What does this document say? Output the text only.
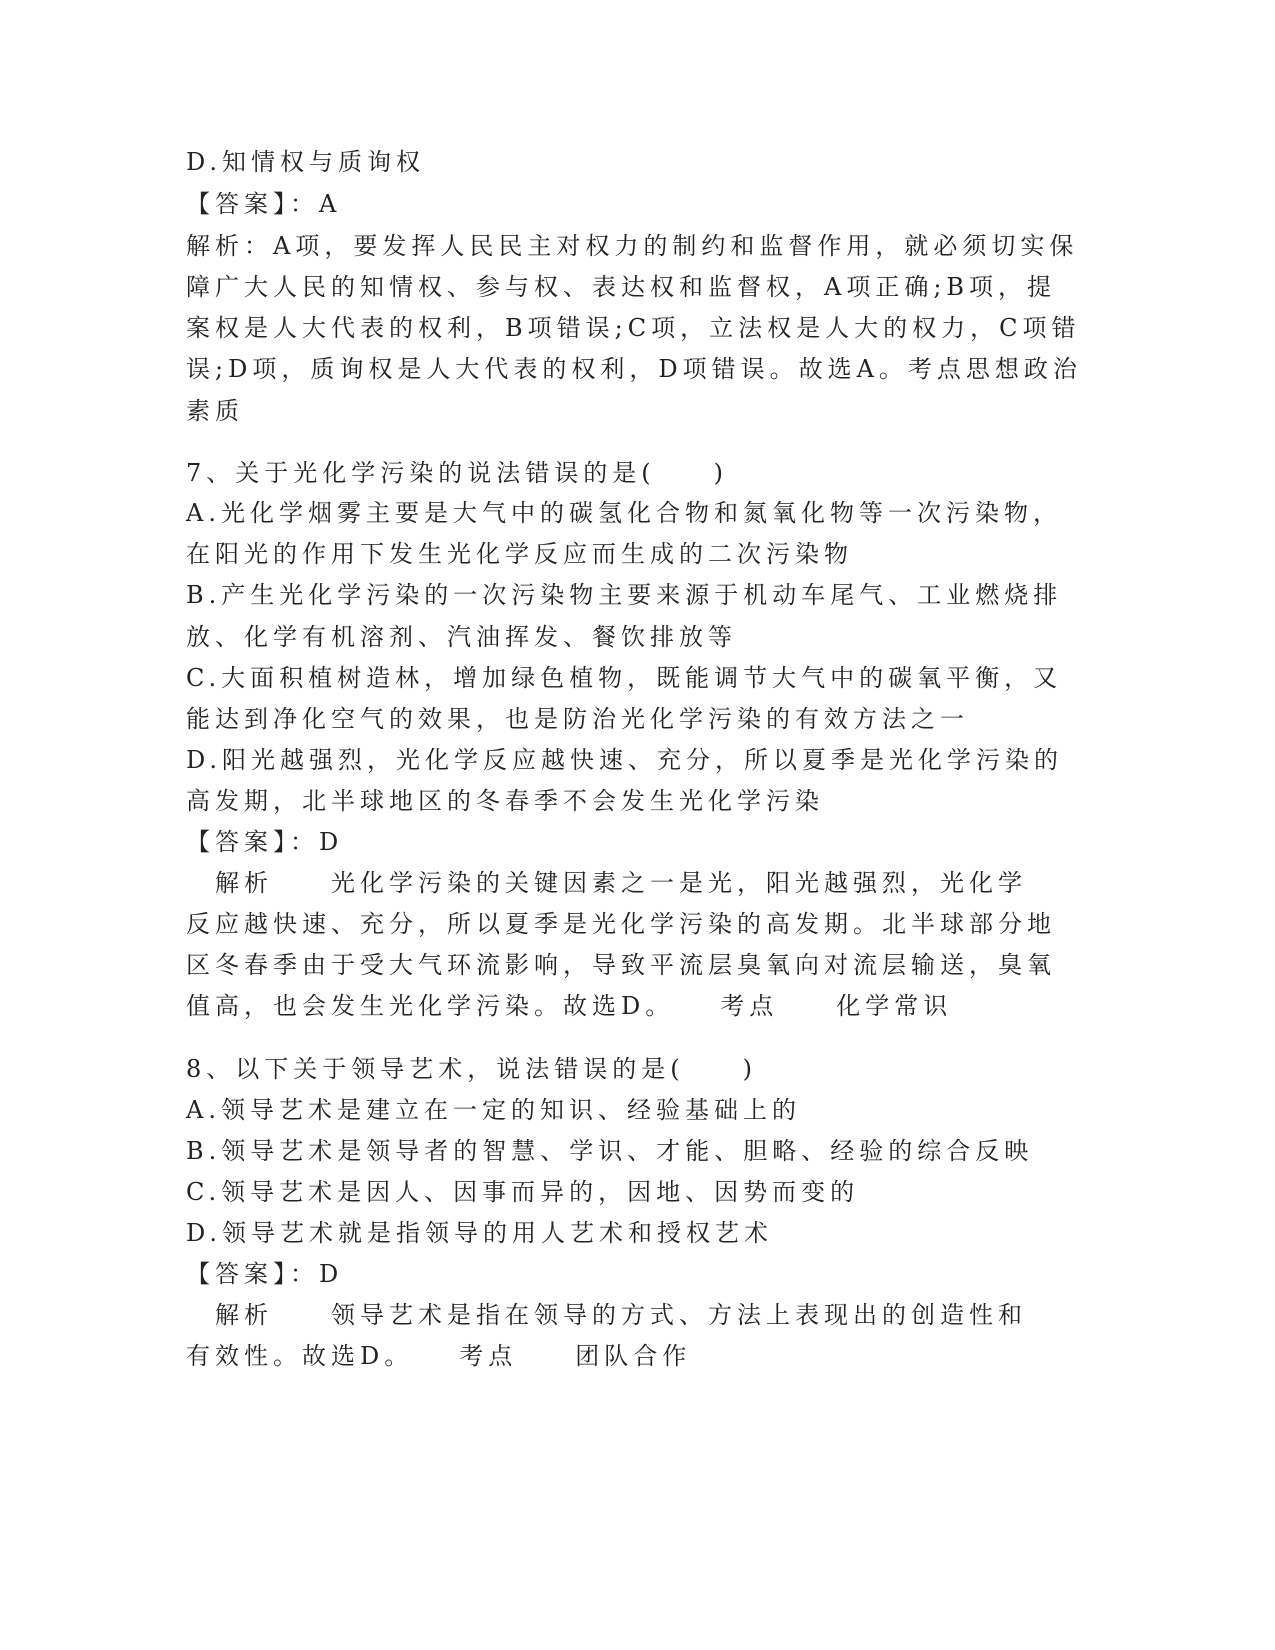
D.知情权与质询权
【答案】：A
解析：A项，要发挥人民民主对权力的制约和监督作用，就必须切实保
障广大人民的知情权、参与权、表达权和监督权，A项正确;B项，提
案权是人大代表的权利，B项错误;C项，立法权是人大的权力，C项错
误;D项，质询权是人大代表的权利，D项错误。故选A。考点思想政治
素质
7、关于光化学污染的说法错误的是(　　)
A.光化学烟雾主要是大气中的碳氢化合物和氮氧化物等一次污染物，
在阳光的作用下发生光化学反应而生成的二次污染物
B.产生光化学污染的一次污染物主要来源于机动车尾气、工业燃烧排
放、化学有机溶剂、汽油挥发、餐饮排放等
C.大面积植树造林，增加绿色植物，既能调节大气中的碳氧平衡，又
能达到净化空气的效果，也是防治光化学污染的有效方法之一
D.阳光越强烈，光化学反应越快速、充分，所以夏季是光化学污染的
高发期，北半球地区的冬春季不会发生光化学污染
【答案】：D
　解析　　光化学污染的关键因素之一是光，阳光越强烈，光化学
反应越快速、充分，所以夏季是光化学污染的高发期。北半球部分地
区冬春季由于受大气环流影响，导致平流层臭氧向对流层输送，臭氧
值高，也会发生光化学污染。故选D。　　考点　　化学常识
8、以下关于领导艺术，说法错误的是(　　)
A.领导艺术是建立在一定的知识、经验基础上的
B.领导艺术是领导者的智慧、学识、才能、胆略、经验的综合反映
C.领导艺术是因人、因事而异的，因地、因势而变的
D.领导艺术就是指领导的用人艺术和授权艺术
【答案】：D
　解析　　领导艺术是指在领导的方式、方法上表现出的创造性和
有效性。故选D。　　考点　　团队合作
